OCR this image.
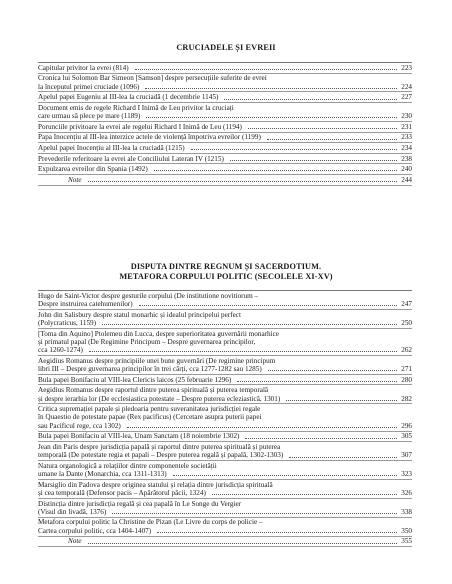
CRUCIADELE ȘI EVREII
Capitular privitor la evrei (814)	223
Cronica lui Solomon Bar Simeon [Samson] despre persecuțiile suferite de evrei
la începutul primei cruciade (1096)	224
Apelul papei Eugeniu al III-lea la cruciadă (1 decembrie 1145)	227
Document emis de regele Richard I Inimă de Leu privitor la cruciați
care urmau să plece pe mare (1189)	230
Porunciile privitoare la evrei ale regelui Richard I Inimă de Leu (1194)	231
Papa Inocențiu al III-lea interzice actele de violență împotriva evreilor (1199)	233
Apelul papei Inocențiu al III-lea la cruciadă (1215)	234
Prevederile referitoare la evrei ale Conciliului Lateran IV (1215)	238
Expulzarea evreilor din Spania (1492)	240
Note	244
DISPUTA DINTRE REGNUM ȘI SACERDOTIUM.
METAFORA CORPULUI POLITIC (SECOLELE XI-XV)
Hugo de Saint-Victor despre gesturile corpului (De institutione novitiorum –
Despre instruirea catehumenilor)	247
John din Salisbury despre statul monarhic și idealul principelui perfect
(Polycraticus, 1159)	250
[Toma din Aquino] Ptolemeu din Lucca, despre superioritatea guvernării monarhice
și primatul papal (De Regimine Principum – Despre guvernarea principilor,
cca 1260-1274)	262
Aegidius Romanus despre principiile unei bune guvernări (De regimine principum
libri III – Despre guvernarea principilor în trei cărți, cca 1277-1282 sau 1285)	271
Bula papei Bonifaciu al VIII-lea Clericis laicos (25 februarie 1296)	280
Aegidius Romanus despre raportul dintre puterea spirituală și puterea temporală
și despre ierarhia lor (De ecclesiastica potestate – Despre puterea ecleziastică, 1301)	282
Critica supremației papale și pledoaria pentru suveranitatea jurisdicției regale
în Quaestio de potestate papae (Rex pacificus) (Cercetare asupra puterii papei
sau Pacificul rege, cca 1302)	296
Bula papei Bonifaciu al VIII-lea, Unam Sanctam (18 noiembrie 1302)	305
Jean din Paris despre jurisdicția papală și raportul dintre puterea spirituală și puterea
temporală (De potestate regia et papali – Despre puterea regală și papală, 1302-1303)	307
Natura organologică a relațiilor dintre componentele societății
umane la Dante (Monarchia, cca 1311-1313)	323
Marsiglio din Padova despre originea statului și relația dintre jurisdicția spirituală
și cea temporală (Defensor pacis – Apărătorul păcii, 1324)	326
Distincția dintre jurisdicția regală și cea papală în Le Songe du Vergier
(Visul din livadă, 1376)	338
Metafora corpului politic la Christine de Pizan (Le Livre du corps de policie –
Cartea corpului politic, cca 1404-1407)	350
Note	355
